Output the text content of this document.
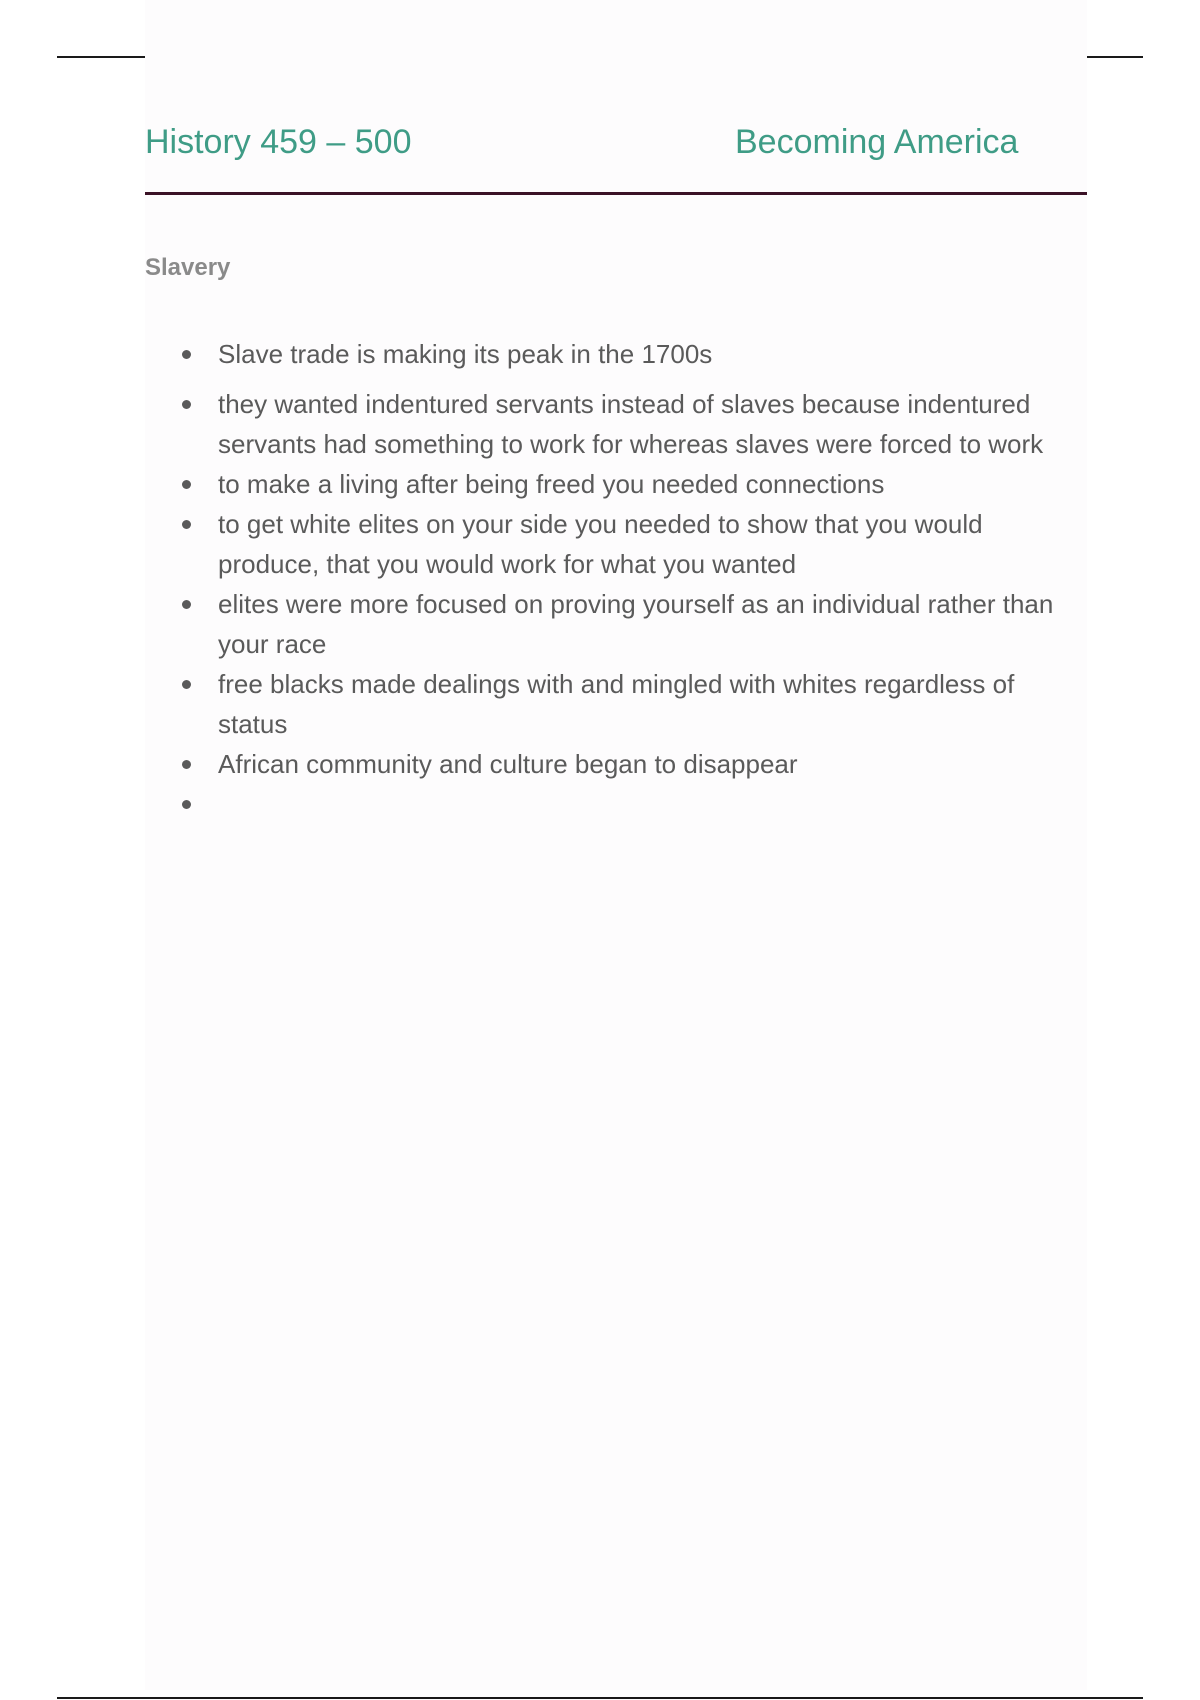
History 459 – 500	Becoming America
Slavery
Slave trade is making its peak in the 1700s
they wanted indentured servants instead of slaves because indentured servants had something to work for whereas slaves were forced to work
to make a living after being freed you needed connections
to get white elites on your side you needed to show that you would produce, that you would work for what you wanted
elites were more focused on proving yourself as an individual rather than your race
free blacks made dealings with and mingled with whites regardless of status
African community and culture began to disappear
